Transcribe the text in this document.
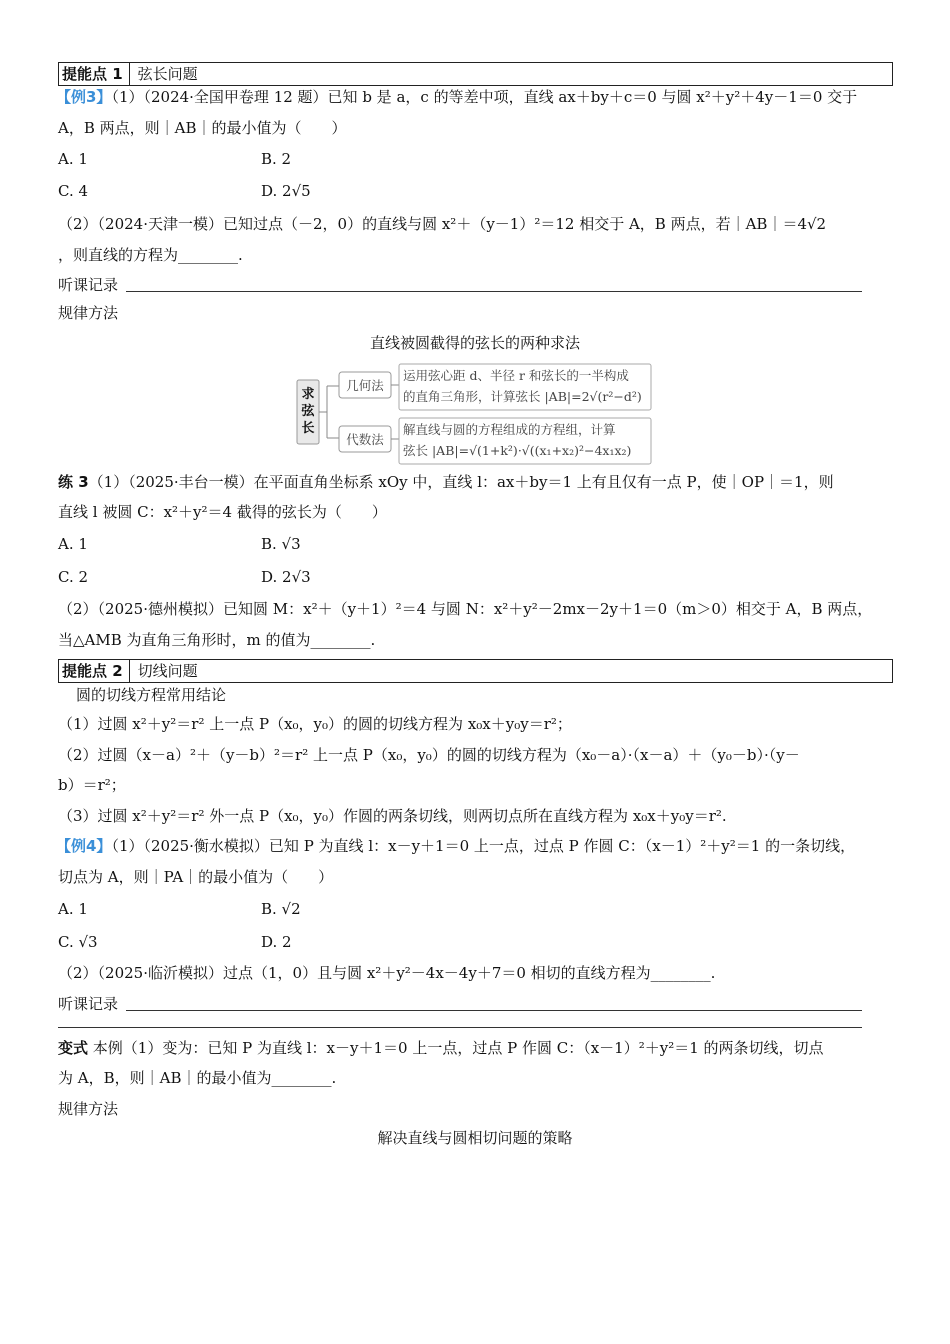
提能点 1 弦长问题
【例3】（1）（2024·全国甲卷理 12 题）已知 b 是 a，c 的等差中项，直线 ax＋by＋c＝0 与圆 x²＋y²＋4y－1＝0 交于
A，B 两点，则｜AB｜的最小值为（　　）
A. 1	B. 2
C. 4	D. 2√5
（2）（2024·天津一模）已知过点（－2，0）的直线与圆 x²＋（y－1）²＝12 相交于 A，B 两点，若｜AB｜＝4√2
，则直线的方程为________.
听课记录
规律方法
直线被圆截得的弦长的两种求法
求弦长
几何法
代数法
运用弦心距 d、半径 r 和弦长的一半构成
的直角三角形，计算弦长 |AB|=2√(r²−d²)
解直线与圆的方程组成的方程组，计算
弦长 |AB|=√(1+k²)·√((x₁+x₂)²−4x₁x₂)
练 3（1）（2025·丰台一模）在平面直角坐标系 xOy 中，直线 l：ax＋by＝1 上有且仅有一点 P，使｜OP｜＝1，则
直线 l 被圆 C：x²＋y²＝4 截得的弦长为（　　）
A. 1	B. √3
C. 2	D. 2√3
（2）（2025·德州模拟）已知圆 M：x²＋（y＋1）²＝4 与圆 N：x²＋y²－2mx－2y＋1＝0（m＞0）相交于 A，B 两点，
当△AMB 为直角三角形时，m 的值为________.
提能点 2 切线问题
圆的切线方程常用结论
（1）过圆 x²＋y²＝r² 上一点 P（x₀，y₀）的圆的切线方程为 x₀x＋y₀y＝r²；
（2）过圆（x－a）²＋（y－b）²＝r² 上一点 P（x₀，y₀）的圆的切线方程为（x₀－a）·（x－a）＋（y₀－b）·（y－
b）＝r²；
（3）过圆 x²＋y²＝r² 外一点 P（x₀，y₀）作圆的两条切线，则两切点所在直线方程为 x₀x＋y₀y＝r².
【例4】（1）（2025·衡水模拟）已知 P 为直线 l：x－y＋1＝0 上一点，过点 P 作圆 C：（x－1）²＋y²＝1 的一条切线，
切点为 A，则｜PA｜的最小值为（　　）
A. 1	B. √2
C. √3	D. 2
（2）（2025·临沂模拟）过点（1，0）且与圆 x²＋y²－4x－4y＋7＝0 相切的直线方程为________.
听课记录
变式 本例（1）变为：已知 P 为直线 l：x－y＋1＝0 上一点，过点 P 作圆 C：（x－1）²＋y²＝1 的两条切线，切点
为 A，B，则｜AB｜的最小值为________.
规律方法
解决直线与圆相切问题的策略
